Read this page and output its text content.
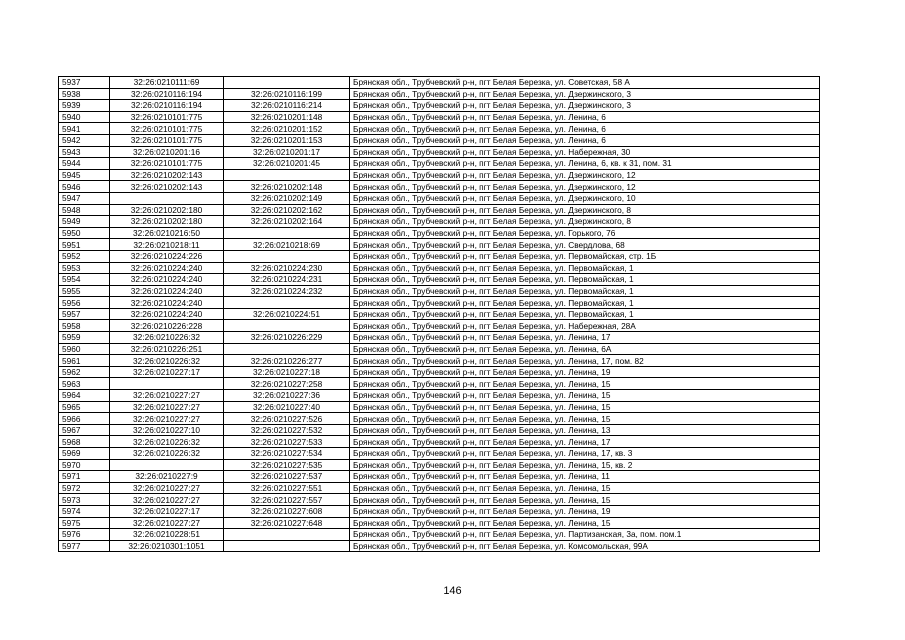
5937	32:26:0210111:69		Брянская обл., Трубчевский р-н, пгт Белая Березка, ул. Советская, 58 А
5938	32:26:0210116:194	32:26:0210116:199	Брянская обл., Трубчевский р-н, пгт Белая Березка, ул. Дзержинского, 3
5939	32:26:0210116:194	32:26:0210116:214	Брянская обл., Трубчевский р-н, пгт Белая Березка, ул. Дзержинского, 3
5940	32:26:0210101:775	32:26:0210201:148	Брянская обл., Трубчевский р-н, пгт Белая Березка, ул. Ленина, 6
5941	32:26:0210101:775	32:26:0210201:152	Брянская обл., Трубчевский р-н, пгт Белая Березка, ул. Ленина, 6
5942	32:26:0210101:775	32:26:0210201:153	Брянская обл., Трубчевский р-н, пгт Белая Березка, ул. Ленина, 6
5943	32:26:0210201:16	32:26:0210201:17	Брянская обл., Трубчевский р-н, пгт Белая Березка, ул. Набережная, 30
5944	32:26:0210101:775	32:26:0210201:45	Брянская обл., Трубчевский р-н, пгт Белая Березка, ул. Ленина, 6, кв. к 31, пом. 31
5945	32:26:0210202:143		Брянская обл., Трубчевский р-н, пгт Белая Березка, ул. Дзержинского, 12
5946	32:26:0210202:143	32:26:0210202:148	Брянская обл., Трубчевский р-н, пгт Белая Березка, ул. Дзержинского, 12
5947		32:26:0210202:149	Брянская обл., Трубчевский р-н, пгт Белая Березка, ул. Дзержинского, 10
5948	32:26:0210202:180	32:26:0210202:162	Брянская обл., Трубчевский р-н, пгт Белая Березка, ул. Дзержинского, 8
5949	32:26:0210202:180	32:26:0210202:164	Брянская обл., Трубчевский р-н, пгт Белая Березка, ул. Дзержинского, 8
5950	32:26:0210216:50		Брянская обл., Трубчевский р-н, пгт Белая Березка, ул. Горького, 76
5951	32:26:0210218:11	32:26:0210218:69	Брянская обл., Трубчевский р-н, пгт Белая Березка, ул. Свердлова, 68
5952	32:26:0210224:226		Брянская обл., Трубчевский р-н, пгт Белая Березка, ул. Первомайская, стр. 1Б
5953	32:26:0210224:240	32:26:0210224:230	Брянская обл., Трубчевский р-н, пгт Белая Березка, ул. Первомайская, 1
5954	32:26:0210224:240	32:26:0210224:231	Брянская обл., Трубчевский р-н, пгт Белая Березка, ул. Первомайская, 1
5955	32:26:0210224:240	32:26:0210224:232	Брянская обл., Трубчевский р-н, пгт Белая Березка, ул. Первомайская, 1
5956	32:26:0210224:240		Брянская обл., Трубчевский р-н, пгт Белая Березка, ул. Первомайская, 1
5957	32:26:0210224:240	32:26:0210224:51	Брянская обл., Трубчевский р-н, пгт Белая Березка, ул. Первомайская, 1
5958	32:26:0210226:228		Брянская обл., Трубчевский р-н, пгт Белая Березка, ул. Набережная, 28А
5959	32:26:0210226:32	32:26:0210226:229	Брянская обл., Трубчевский р-н, пгт Белая Березка, ул. Ленина, 17
5960	32:26:0210226:251		Брянская обл., Трубчевский р-н, пгт Белая Березка, ул. Ленина, 6А
5961	32:26:0210226:32	32:26:0210226:277	Брянская обл., Трубчевский р-н, пгт Белая Березка, ул. Ленина, 17, пом. 82
5962	32:26:0210227:17	32:26:0210227:18	Брянская обл., Трубчевский р-н, пгт Белая Березка, ул. Ленина, 19
5963		32:26:0210227:258	Брянская обл., Трубчевский р-н, пгт Белая Березка, ул. Ленина, 15
5964	32:26:0210227:27	32:26:0210227:36	Брянская обл., Трубчевский р-н, пгт Белая Березка, ул. Ленина, 15
5965	32:26:0210227:27	32:26:0210227:40	Брянская обл., Трубчевский р-н, пгт Белая Березка, ул. Ленина, 15
5966	32:26:0210227:27	32:26:0210227:526	Брянская обл., Трубчевский р-н, пгт Белая Березка, ул. Ленина, 15
5967	32:26:0210227:10	32:26:0210227:532	Брянская обл., Трубчевский р-н, пгт Белая Березка, ул. Ленина, 13
5968	32:26:0210226:32	32:26:0210227:533	Брянская обл., Трубчевский р-н, пгт Белая Березка, ул. Ленина, 17
5969	32:26:0210226:32	32:26:0210227:534	Брянская обл., Трубчевский р-н, пгт Белая Березка, ул. Ленина, 17, кв. 3
5970		32:26:0210227:535	Брянская обл., Трубчевский р-н, пгт Белая Березка, ул. Ленина, 15, кв. 2
5971	32:26:0210227:9	32:26:0210227:537	Брянская обл., Трубчевский р-н, пгт Белая Березка, ул. Ленина, 11
5972	32:26:0210227:27	32:26:0210227:551	Брянская обл., Трубчевский р-н, пгт Белая Березка, ул. Ленина, 15
5973	32:26:0210227:27	32:26:0210227:557	Брянская обл., Трубчевский р-н, пгт Белая Березка, ул. Ленина, 15
5974	32:26:0210227:17	32:26:0210227:608	Брянская обл., Трубчевский р-н, пгт Белая Березка, ул. Ленина, 19
5975	32:26:0210227:27	32:26:0210227:648	Брянская обл., Трубчевский р-н, пгт Белая Березка, ул. Ленина, 15
5976	32:26:0210228:51		Брянская обл., Трубчевский р-н, пгт Белая Березка, ул. Партизанская, 3а, пом. пом.1
5977	32:26:0210301:1051		Брянская обл., Трубчевский р-н, пгт Белая Березка, ул. Комсомольская, 99А
146
